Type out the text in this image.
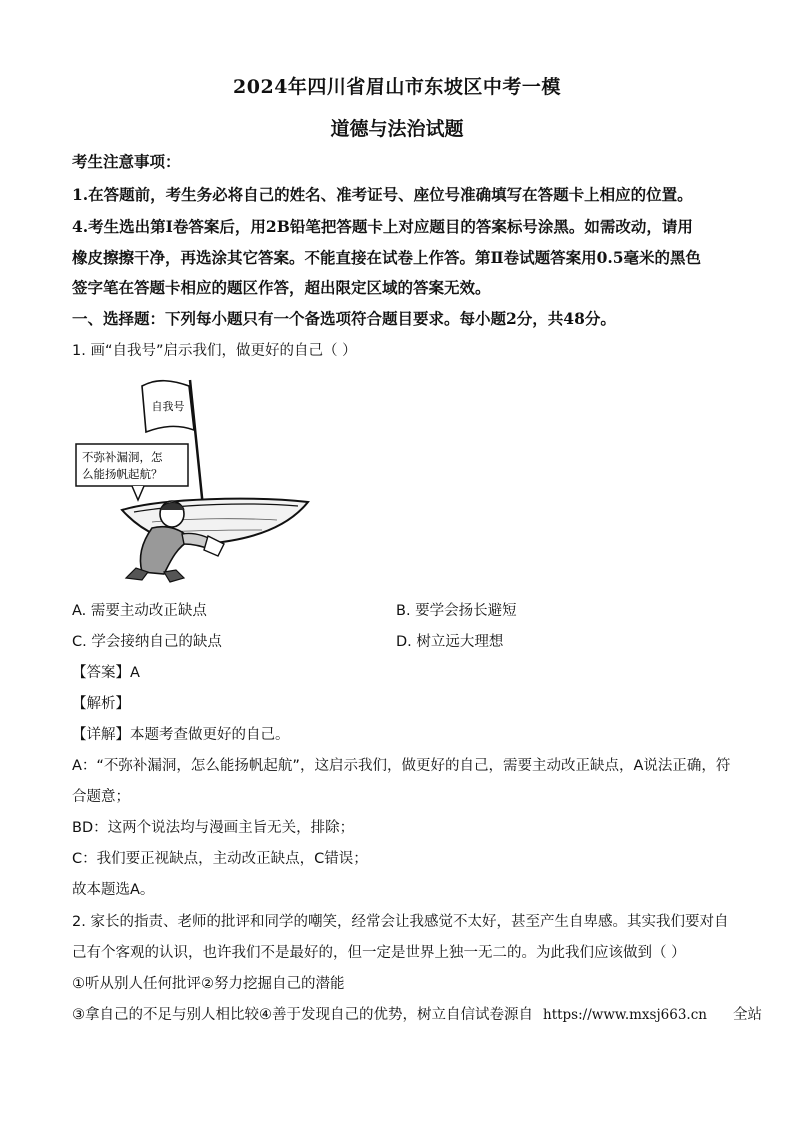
2024年四川省眉山市东坡区中考一模
道德与法治试题
考生注意事项：
1.在答题前，考生务必将自己的姓名、准考证号、座位号准确填写在答题卡上相应的位置。
4.考生选出第Ⅰ卷答案后，用2B铅笔把答题卡上对应题目的答案标号涂黑。如需改动，请用
橡皮擦擦干净，再选涂其它答案。不能直接在试卷上作答。第Ⅱ卷试题答案用0.5毫米的黑色
签字笔在答题卡相应的题区作答，超出限定区域的答案无效。
一、选择题：下列每小题只有一个备选项符合题目要求。每小题2分，共48分。
1. 画“自我号”启示我们，做更好的自己（ ）
自我号
不弥补漏洞，怎
么能扬帆起航？
A. 需要主动改正缺点	B. 要学会扬长避短
C. 学会接纳自己的缺点	D. 树立远大理想
【答案】A
【解析】
【详解】本题考查做更好的自己。
A：“不弥补漏洞，怎么能扬帆起航”，这启示我们，做更好的自己，需要主动改正缺点，A说法正确，符
合题意；
BD：这两个说法均与漫画主旨无关，排除；
C：我们要正视缺点，主动改正缺点，C错误；
故本题选A。
2. 家长的指责、老师的批评和同学的嘲笑，经常会让我感觉不太好，甚至产生自卑感。其实我们要对自
己有个客观的认识，也许我们不是最好的，但一定是世界上独一无二的。为此我们应该做到（ ）
①听从别人任何批评②努力挖掘自己的潜能
③拿自己的不足与别人相比较④善于发现自己的优势，树立自信试卷源自 https://www.mxsj663.cn 全站
